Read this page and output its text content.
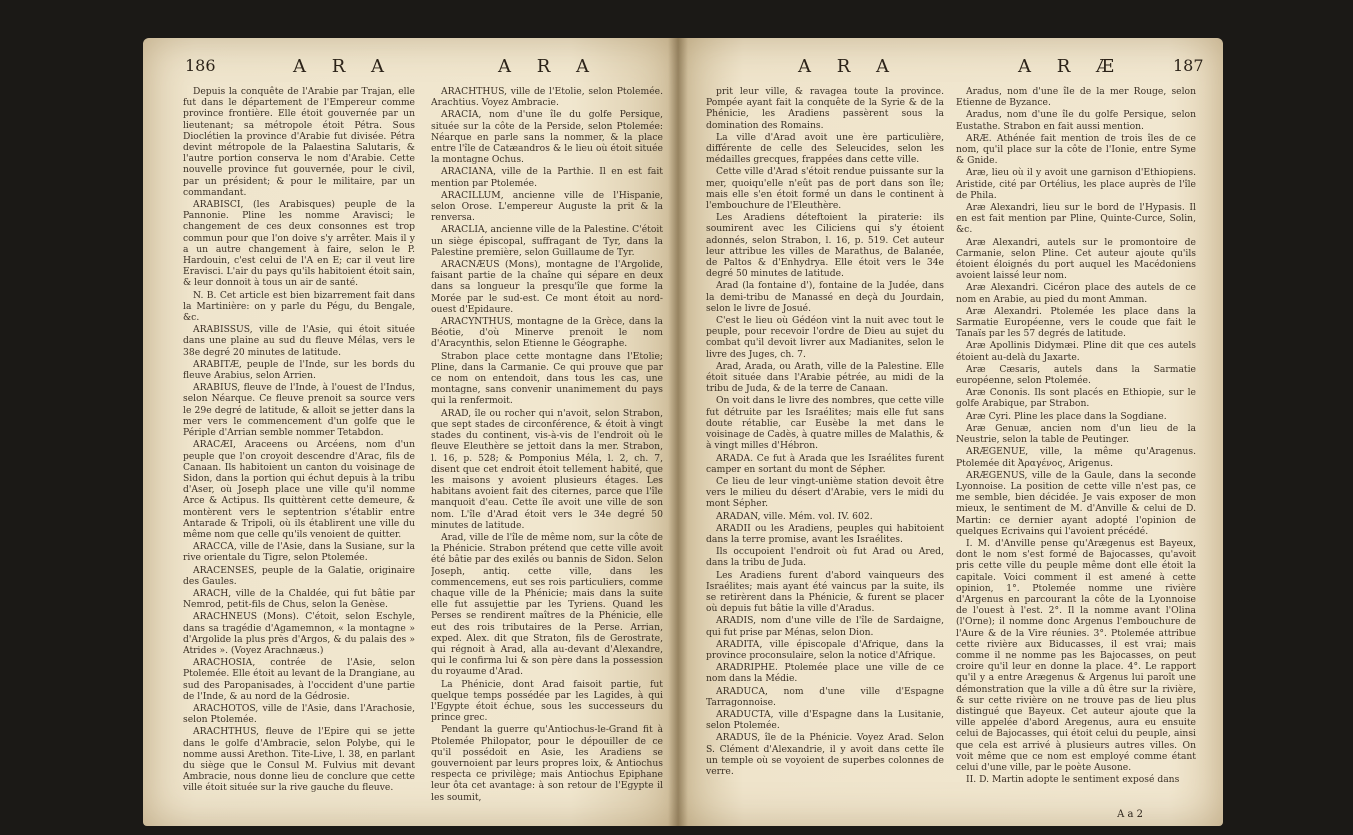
186	A R A	A R A

Depuis la conquête de l'Arabie par Trajan, elle fut dans le département de l'Empereur comme province frontière. Elle étoit gouvernée par un lieutenant; sa métropole étoit Pétra. Sous Dioclétien la province d'Arabie fut divisée. Pétra devint métropole de la Palaestina Salutaris, & l'autre portion conserva le nom d'Arabie. Cette nouvelle province fut gouvernée, pour le civil, par un président; & pour le militaire, par un commandant.

ARABISCI, (les Arabisques) peuple de la Pannonie. Pline les nomme Aravisci; le changement de ces deux consonnes est trop commun pour que l'on doive s'y arrêter. Mais il y a un autre changement à faire, selon le P. Hardouin, c'est celui de l'A en E; car il veut lire Eravisci. L'air du pays qu'ils habitoient étoit sain, & leur donnoit à tous un air de santé.

N. B. Cet article est bien bizarrement fait dans la Martinière: on y parle du Pégu, du Bengale, &c.

ARABISSUS, ville de l'Asie, qui étoit située dans une plaine au sud du fleuve Mélas, vers le 38e degré 20 minutes de latitude.

ARABITÆ, peuple de l'Inde, sur les bords du fleuve Arabius, selon Arrien.

ARABIUS, fleuve de l'Inde, à l'ouest de l'Indus, selon Néarque. Ce fleuve prenoit sa source vers le 29e degré de latitude, & alloit se jetter dans la mer vers le commencement d'un golfe que le Périple d'Arrian semble nommer Tetabdon.

ARACÆI, Araceens ou Arcéens, nom d'un peuple que l'on croyoit descendre d'Arac, fils de Canaan. Ils habitoient un canton du voisinage de Sidon, dans la portion qui échut depuis à la tribu d'Aser, où Joseph place une ville qu'il nomme Arce & Actipus. Ils quittèrent cette demeure, & montèrent vers le septentrion s'établir entre Antarade & Tripoli, où ils établirent une ville du même nom que celle qu'ils venoient de quitter.

ARACCA, ville de l'Asie, dans la Susiane, sur la rive orientale du Tigre, selon Ptolemée.

ARACENSES, peuple de la Galatie, originaire des Gaules.

ARACH, ville de la Chaldée, qui fut bâtie par Nemrod, petit-fils de Chus, selon la Genèse.

ARACHNEUS (Mons). C'étoit, selon Eschyle, dans sa tragédie d'Agamemnon, « la montagne » d'Argolide la plus près d'Argos, & du palais des » Atrides ». (Voyez Arachnæus.)

ARACHOSIA, contrée de l'Asie, selon Ptolemée. Elle étoit au levant de la Drangiane, au sud des Paropanisades, à l'occident d'une partie de l'Inde, & au nord de la Gédrosie.

ARACHOTOS, ville de l'Asie, dans l'Arachosie, selon Ptolemée.

ARACHTHUS, fleuve de l'Epire qui se jette dans le golfe d'Ambracie, selon Polybe, qui le nomme aussi Arethon. Tite-Live, l. 38, en parlant du siège que le Consul M. Fulvius mit devant Ambracie, nous donne lieu de conclure que cette ville étoit située sur la rive gauche du fleuve.

ARACHTHUS, ville de l'Etolie, selon Ptolemée. Arachtius. Voyez Ambracie.

ARACIA, nom d'une île du golfe Persique, située sur la côte de la Perside, selon Ptolemée: Néarque en parle sans la nommer, & la place entre l'île de Catæandros & le lieu où étoit située la montagne Ochus.

ARACIANA, ville de la Parthie. Il en est fait mention par Ptolemée.

ARACILLUM, ancienne ville de l'Hispanie, selon Orose. L'empereur Auguste la prit & la renversa.

ARACLIA, ancienne ville de la Palestine. C'étoit un siège épiscopal, suffragant de Tyr, dans la Palestine première, selon Guillaume de Tyr.

ARACNÆUS (Mons), montagne de l'Argolide, faisant partie de la chaîne qui sépare en deux dans sa longueur la presqu'île que forme la Morée par le sud-est. Ce mont étoit au nord-ouest d'Epidaure.

ARACYNTHUS, montagne de la Grèce, dans la Béotie, d'où Minerve prenoit le nom d'Aracynthis, selon Etienne le Géographe.

Strabon place cette montagne dans l'Etolie; Pline, dans la Carmanie. Ce qui prouve que par ce nom on entendoit, dans tous les cas, une montagne, sans convenir unanimement du pays qui la renfermoit.

ARAD, île ou rocher qui n'avoit, selon Strabon, que sept stades de circonférence, & étoit à vingt stades du continent, vis-à-vis de l'endroit où le fleuve Eleuthère se jettoit dans la mer. Strabon, l. 16, p. 528; & Pomponius Méla, l. 2, ch. 7, disent que cet endroit étoit tellement habité, que les maisons y avoient plusieurs étages. Les habitans avoient fait des citernes, parce que l'île manquoit d'eau. Cette île avoit une ville de son nom. L'île d'Arad étoit vers le 34e degré 50 minutes de latitude.

Arad, ville de l'île de même nom, sur la côte de la Phénicie. Strabon prétend que cette ville avoit été bâtie par des exilés ou bannis de Sidon. Selon Joseph, antiq. cette ville, dans les commencemens, eut ses rois particuliers, comme chaque ville de la Phénicie; mais dans la suite elle fut assujettie par les Tyriens. Quand les Perses se rendirent maîtres de la Phénicie, elle eut des rois tributaires de la Perse. Arrian, exped. Alex. dit que Straton, fils de Gerostrate, qui régnoit à Arad, alla au-devant d'Alexandre, qui le confirma lui & son père dans la possession du royaume d'Arad.

La Phénicie, dont Arad faisoit partie, fut quelque temps possédée par les Lagides, à qui l'Egypte étoit échue, sous les successeurs du prince grec.

Pendant la guerre qu'Antiochus-le-Grand fit à Ptolemée Philopator, pour le dépouiller de ce qu'il possédoit en Asie, les Aradiens se gouvernoient par leurs propres loix, & Antiochus respecta ce privilège; mais Antiochus Epiphane leur ôta cet avantage: à son retour de l'Egypte il les soumit,

A R A	A R Æ	187

prit leur ville, & ravagea toute la province. Pompée ayant fait la conquête de la Syrie & de la Phénicie, les Aradiens passèrent sous la domination des Romains.

La ville d'Arad avoit une ère particulière, différente de celle des Seleucides, selon les médailles grecques, frappées dans cette ville.

Cette ville d'Arad s'étoit rendue puissante sur la mer, quoiqu'elle n'eût pas de port dans son île; mais elle s'en étoit formé un dans le continent à l'embouchure de l'Eleuthère.

Les Aradiens déteftoient la piraterie: ils soumirent avec les Ciliciens qui s'y étoient adonnés, selon Strabon, l. 16, p. 519. Cet auteur leur attribue les villes de Marathus, de Balanée, de Paltos & d'Enhydrya. Elle étoit vers le 34e degré 50 minutes de latitude.

Arad (la fontaine d'), fontaine de la Judée, dans la demi-tribu de Manassé en deçà du Jourdain, selon le livre de Josué.

C'est le lieu où Gédéon vint la nuit avec tout le peuple, pour recevoir l'ordre de Dieu au sujet du combat qu'il devoit livrer aux Madianites, selon le livre des Juges, ch. 7.

Arad, Arada, ou Arath, ville de la Palestine. Elle étoit située dans l'Arabie pétrée, au midi de la tribu de Juda, & de la terre de Canaan.

On voit dans le livre des nombres, que cette ville fut détruite par les Israélites; mais elle fut sans doute rétablie, car Eusèbe la met dans le voisinage de Cadès, à quatre milles de Malathis, & à vingt milles d'Hébron.

ARADA. Ce fut à Arada que les Israélites furent camper en sortant du mont de Sépher.

Ce lieu de leur vingt-unième station devoit être vers le milieu du désert d'Arabie, vers le midi du mont Sépher.

ARADAN, ville. Mém. vol. IV. 602.

ARADII ou les Aradiens, peuples qui habitoient dans la terre promise, avant les Israélites.

Ils occupoient l'endroit où fut Arad ou Ared, dans la tribu de Juda.

Les Aradiens furent d'abord vainqueurs des Israélites; mais ayant été vaincus par la suite, ils se retirèrent dans la Phénicie, & furent se placer où depuis fut bâtie la ville d'Aradus.

ARADIS, nom d'une ville de l'île de Sardaigne, qui fut prise par Ménas, selon Dion.

ARADITA, ville épiscopale d'Afrique, dans la province proconsulaire, selon la notice d'Afrique.

ARADRIPHE. Ptolemée place une ville de ce nom dans la Médie.

ARADUCA, nom d'une ville d'Espagne Tarragonnoise.

ARADUCTA, ville d'Espagne dans la Lusitanie, selon Ptolemée.

ARADUS, île de la Phénicie. Voyez Arad. Selon S. Clément d'Alexandrie, il y avoit dans cette île un temple où se voyoient de superbes colonnes de verre.

Aradus, nom d'une île de la mer Rouge, selon Etienne de Byzance.

Aradus, nom d'une île du golfe Persique, selon Eustathe. Strabon en fait aussi mention.

ARÆ. Athénée fait mention de trois îles de ce nom, qu'il place sur la côte de l'Ionie, entre Syme & Gnide.

Aræ, lieu où il y avoit une garnison d'Ethiopiens. Aristide, cité par Ortélius, les place auprès de l'île de Phila.

Aræ Alexandri, lieu sur le bord de l'Hypasis. Il en est fait mention par Pline, Quinte-Curce, Solin, &c.

Aræ Alexandri, autels sur le promontoire de Carmanie, selon Pline. Cet auteur ajoute qu'ils étoient éloignés du port auquel les Macédoniens avoient laissé leur nom.

Aræ Alexandri. Cicéron place des autels de ce nom en Arabie, au pied du mont Amman.

Aræ Alexandri. Ptolemée les place dans la Sarmatie Européenne, vers le coude que fait le Tanaïs par les 57 degrés de latitude.

Aræ Apollinis Didymæi. Pline dit que ces autels étoient au-delà du Jaxarte.

Aræ Cæsaris, autels dans la Sarmatie européenne, selon Ptolemée.

Aræ Cononis. Ils sont placés en Ethiopie, sur le golfe Arabique, par Strabon.

Aræ Cyri. Pline les place dans la Sogdiane.

Aræ Genuæ, ancien nom d'un lieu de la Neustrie, selon la table de Peutinger.

ARÆGENUE, ville, la même qu'Aragenus. Ptolemée dit Ἀραγένος, Arigenus.

ARÆGENUS, ville de la Gaule, dans la seconde Lyonnoise. La position de cette ville n'est pas, ce me semble, bien décidée. Je vais exposer de mon mieux, le sentiment de M. d'Anville & celui de D. Martin: ce dernier ayant adopté l'opinion de quelques Ecrivains qui l'avoient précédé.

I. M. d'Anville pense qu'Arægenus est Bayeux, dont le nom s'est formé de Bajocasses, qu'avoit pris cette ville du peuple même dont elle étoit la capitale. Voici comment il est amené à cette opinion, 1°. Ptolemée nomme une rivière d'Argenus en parcourant la côte de la Lyonnoise de l'ouest à l'est. 2°. Il la nomme avant l'Olina (l'Orne); il nomme donc Argenus l'embouchure de l'Aure & de la Vire réunies. 3°. Ptolemée attribue cette rivière aux Biducasses, il est vrai; mais comme il ne nomme pas les Bajocasses, on peut croire qu'il leur en donne la place. 4°. Le rapport qu'il y a entre Arægenus & Argenus lui paroît une démonstration que la ville a dû être sur la rivière, & sur cette rivière on ne trouve pas de lieu plus distingué que Bayeux. Cet auteur ajoute que la ville appelée d'abord Aregenus, aura eu ensuite celui de Bajocasses, qui étoit celui du peuple, ainsi que cela est arrivé à plusieurs autres villes. On voit même que ce nom est employé comme étant celui d'une ville, par le poète Ausone.

II. D. Martin adopte le sentiment exposé dans

A a 2
